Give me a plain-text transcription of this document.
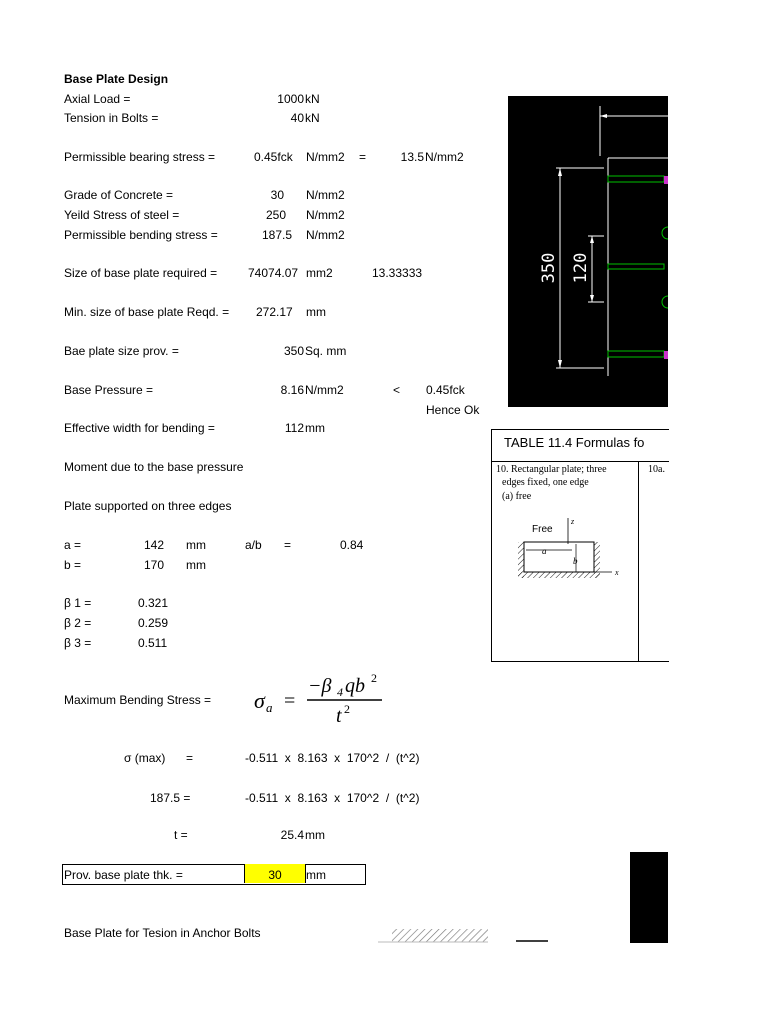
Base Plate Design
Axial Load =	1000 kN
Tension in Bolts =	40 kN
Permissible bearing stress =	0.45fck N/mm2 =	13.5 N/mm2
Grade of Concrete =	30 N/mm2
Yeild Stress of steel =	250 N/mm2
Permissible bending stress =	187.5 N/mm2
Size of base plate required =	74074.07 mm2	13.33333
Min. size of base plate Reqd. = 272.17 mm
Bae plate size prov. =	350 Sq. mm
Base Pressure =	8.16 N/mm2	< 0.45fck
Hence Ok
Effective width for bending =	112 mm
Moment due to the base pressure
Plate supported on three edges
a =	142 mm	a/b =	0.84
b =	170 mm
β 1 =	0.321
β 2 =	0.259
β 3 =	0.511
Maximum Bending Stress = σ a =
−β 4 qb 2
t 2
σ (max) =	-0.511  x  8.163  x  170^2  /  (t^2)
187.5 =	-0.511  x  8.163  x  170^2  /  (t^2)
t =	25.4 mm
Prov. base plate thk. =	30	mm
Base Plate for Tesion in Anchor Bolts
350 120
TABLE 11.4 Formulas fo
10. Rectangular plate; three
edges fixed, one edge
(a) free
10a.
Free
z
a
b
x
